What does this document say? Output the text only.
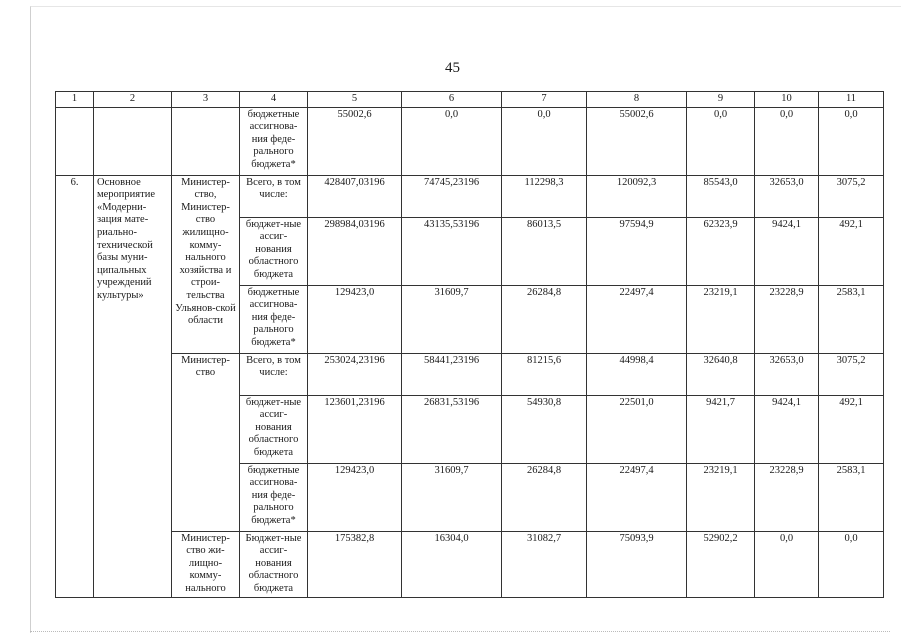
45
1	2	3	4	5	6	7	8	9	10	11
			бюджетные ассигнова-ния феде-рального бюджета*	55002,6	0,0	0,0	55002,6	0,0	0,0	0,0
6.	Основное мероприятие «Модерни-зация мате-риально-технической базы муни-ципальных учреждений культуры»	Министер-ство, Министер-ство жилищно-комму-нального хозяйства и строи-тельства Ульянов-ской области	Всего, в том числе:	428407,03196	74745,23196	112298,3	120092,3	85543,0	32653,0	3075,2
			бюджет-ные ассиг-нования областного бюджета	298984,03196	43135,53196	86013,5	97594,9	62323,9	9424,1	492,1
			бюджетные ассигнова-ния феде-рального бюджета*	129423,0	31609,7	26284,8	22497,4	23219,1	23228,9	2583,1
		Министер-ство	Всего, в том числе:	253024,23196	58441,23196	81215,6	44998,4	32640,8	32653,0	3075,2
			бюджет-ные ассиг-нования областного бюджета	123601,23196	26831,53196	54930,8	22501,0	9421,7	9424,1	492,1
			бюджетные ассигнова-ния феде-рального бюджета*	129423,0	31609,7	26284,8	22497,4	23219,1	23228,9	2583,1
		Министер-ство жи-лищно-комму-нального	Бюджет-ные ассиг-нования областного бюджета	175382,8	16304,0	31082,7	75093,9	52902,2	0,0	0,0
